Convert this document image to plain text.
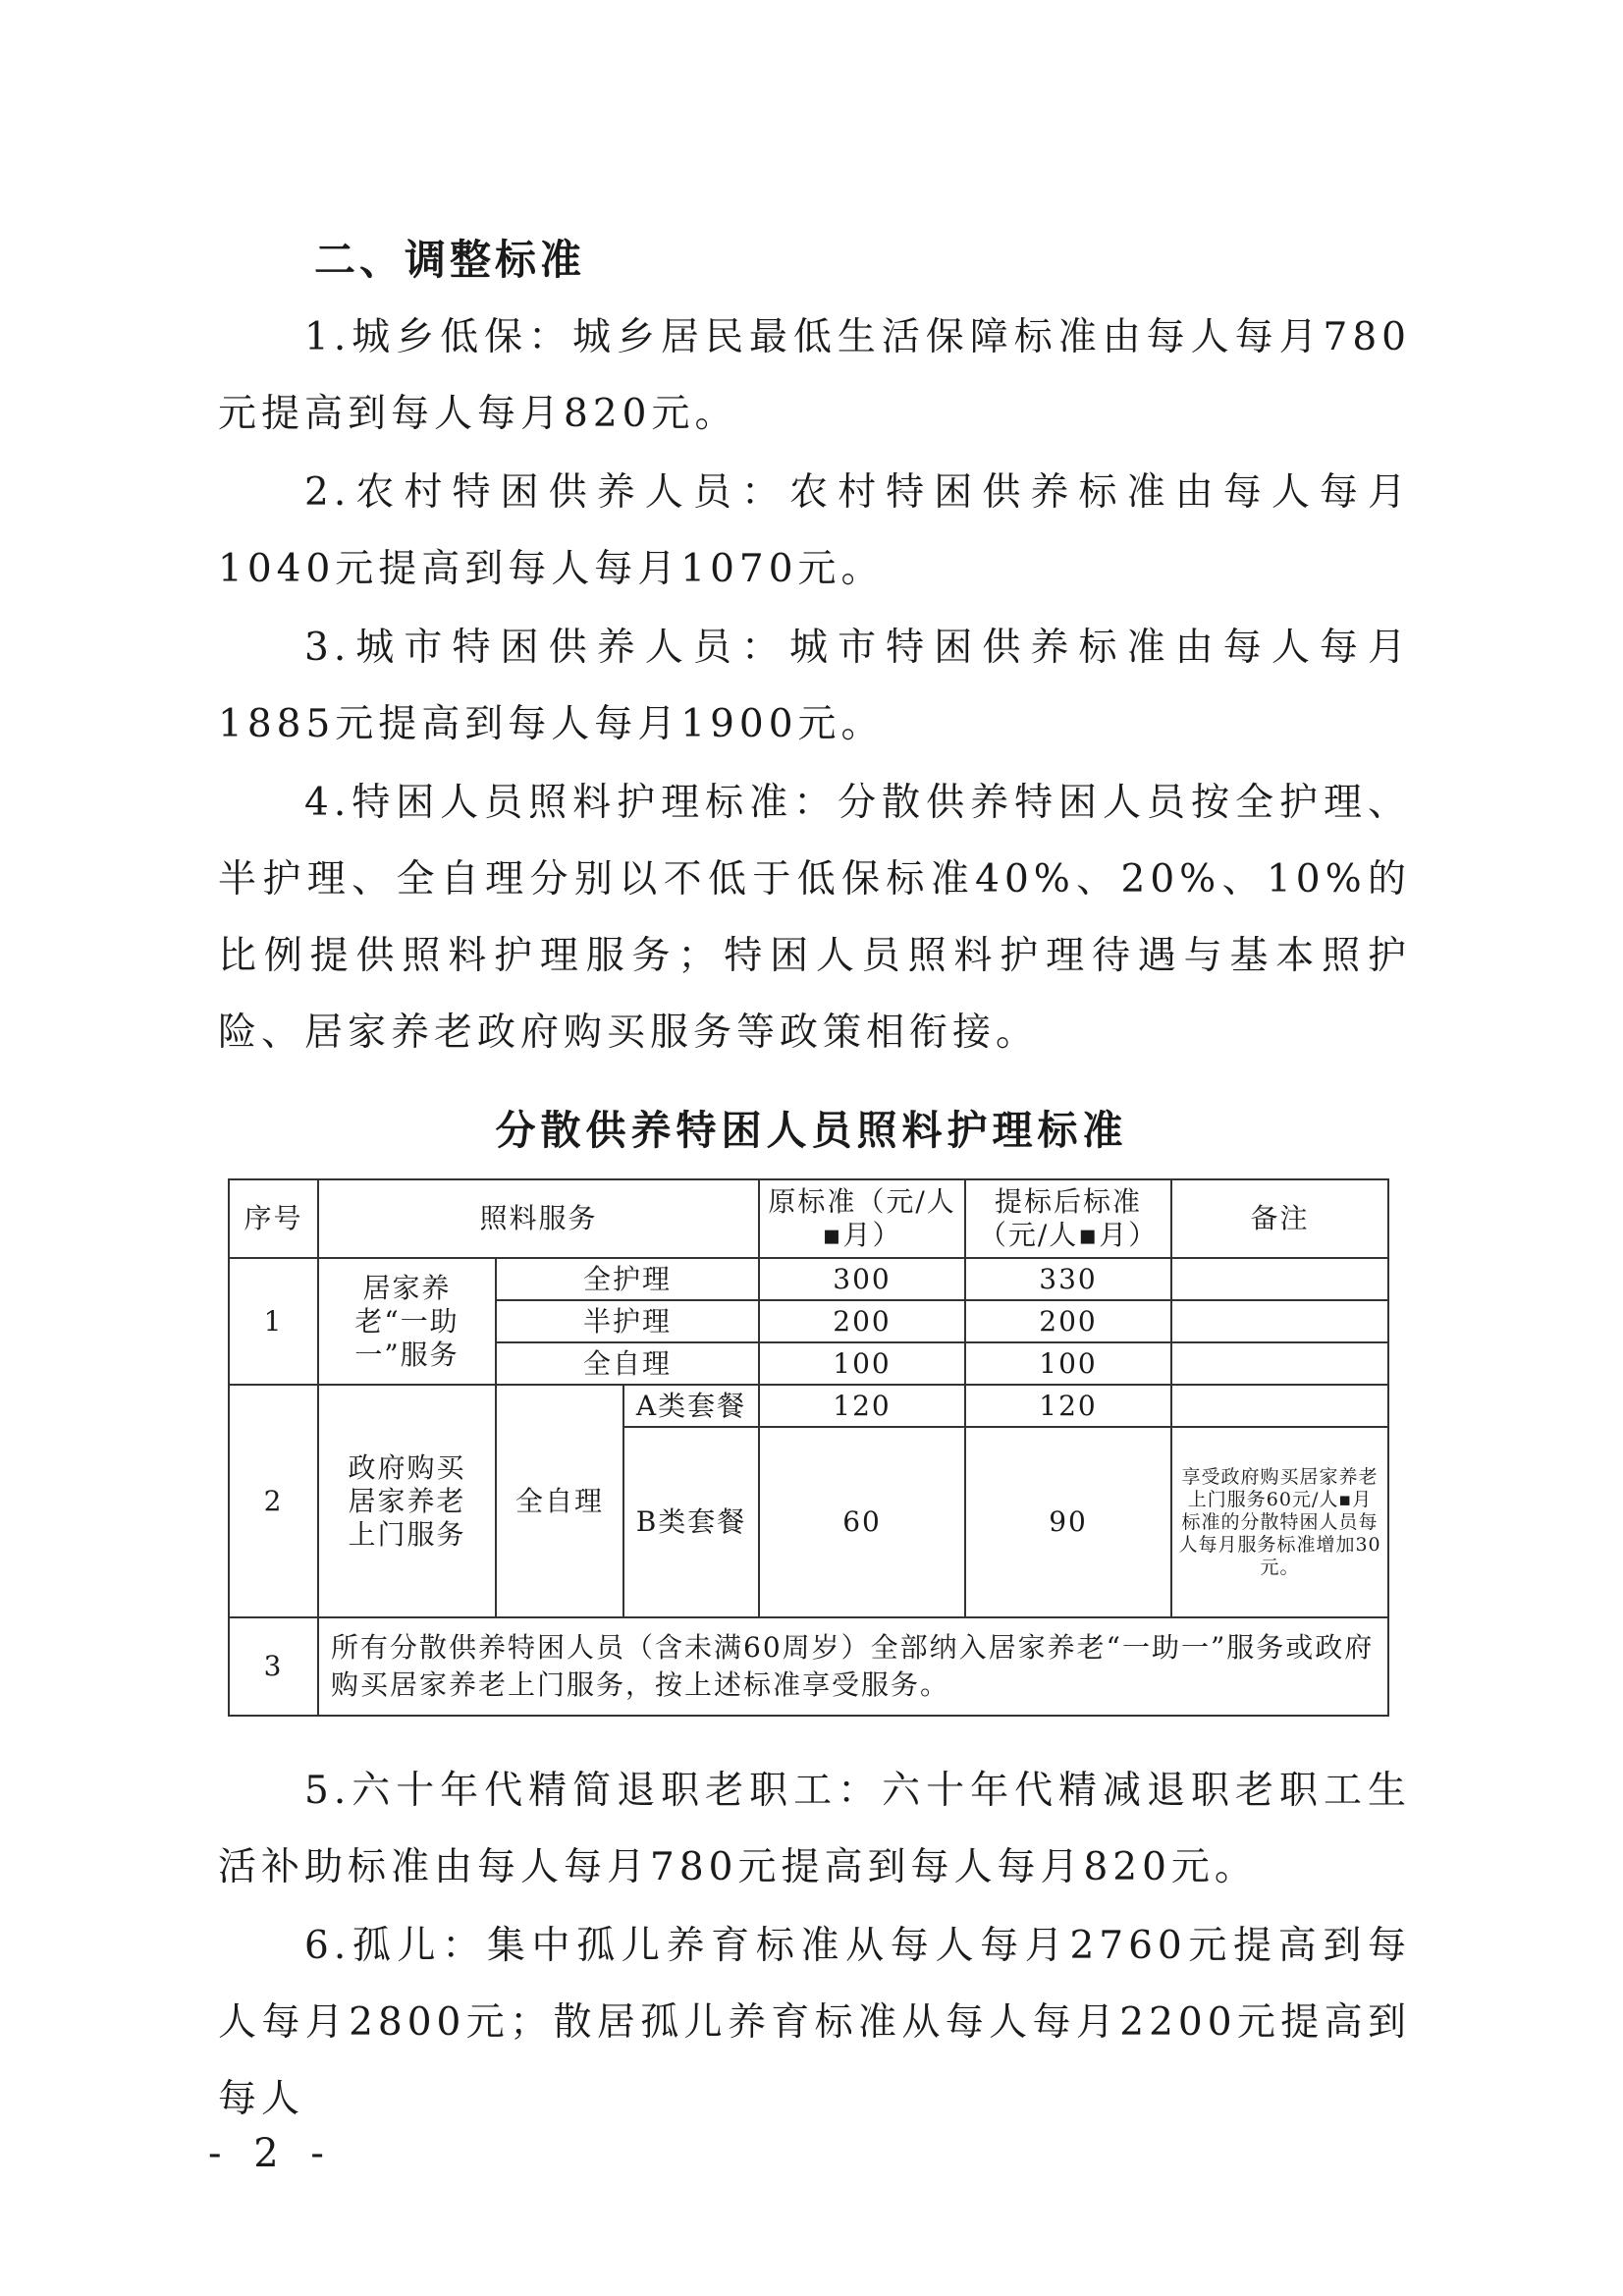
二、调整标准

1.城乡低保：城乡居民最低生活保障标准由每人每月780元提高到每人每月820元。

2.农村特困供养人员：农村特困供养标准由每人每月1040元提高到每人每月1070元。

3.城市特困供养人员：城市特困供养标准由每人每月1885元提高到每人每月1900元。

4.特困人员照料护理标准：分散供养特困人员按全护理、半护理、全自理分别以不低于低保标准40%、20%、10%的比例提供照料护理服务；特困人员照料护理待遇与基本照护险、居家养老政府购买服务等政策相衔接。

分散供养特困人员照料护理标准
序号	照料服务			原标准（元/人▪月）	提标后标准（元/人▪月）	备注
1	居家养老“一助一”服务	全护理		300	330	
		半护理		200	200	
		全自理		100	100	
2	政府购买居家养老上门服务	全自理	A类套餐	120	120	
			B类套餐	60	90	享受政府购买居家养老上门服务60元/人▪月标准的分散特困人员每人每月服务标准增加30元。
3	所有分散供养特困人员（含未满60周岁）全部纳入居家养老“一助一”服务或政府购买居家养老上门服务，按上述标准享受服务。					

5.六十年代精简退职老职工：六十年代精减退职老职工生活补助标准由每人每月780元提高到每人每月820元。

6.孤儿：集中孤儿养育标准从每人每月2760元提高到每人每月2800元；散居孤儿养育标准从每人每月2200元提高到每人

- 2 -
